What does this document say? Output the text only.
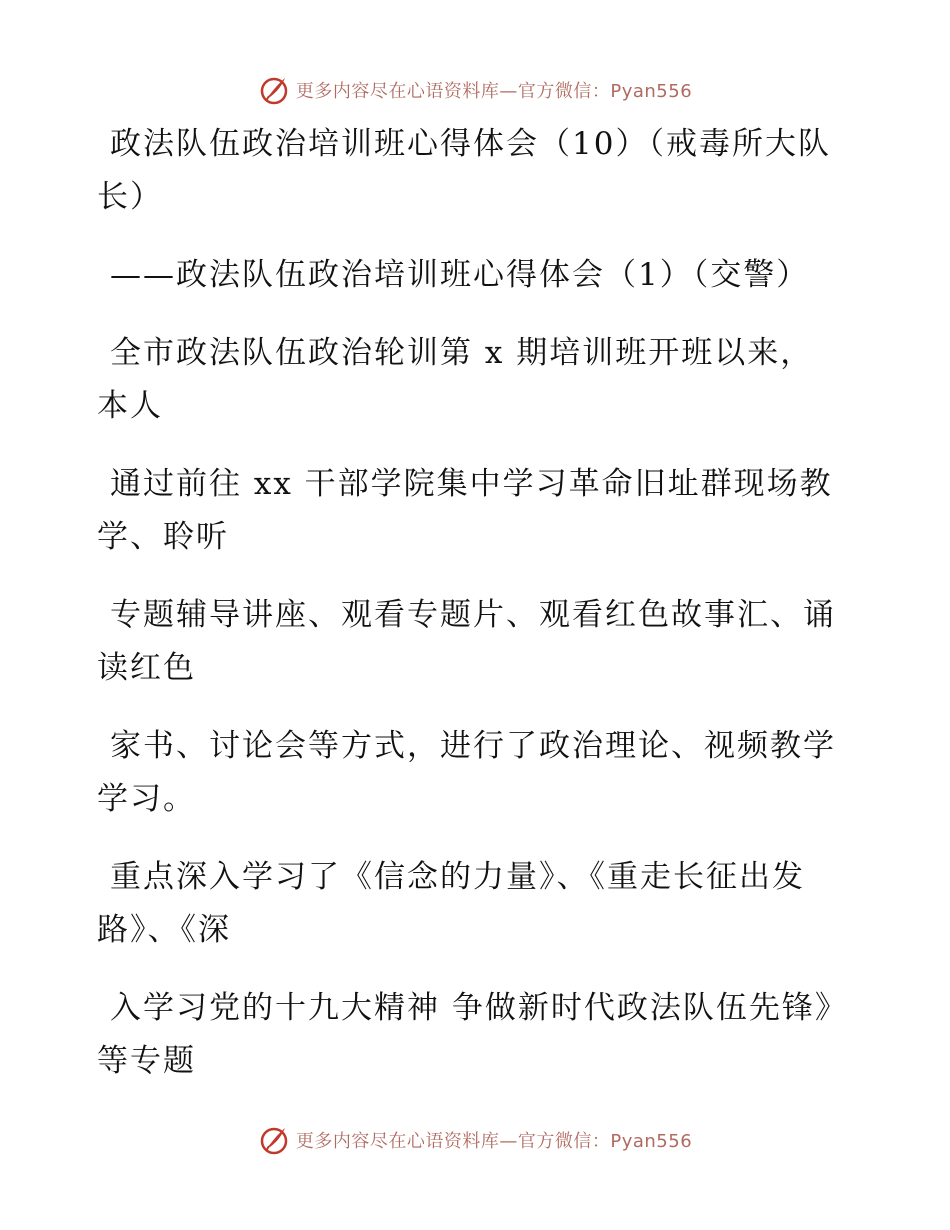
更多内容尽在心语资料库—官方微信：Pyan556

政法队伍政治培训班心得体会（10）（戒毒所大队长）

——政法队伍政治培训班心得体会（1）（交警）

全市政法队伍政治轮训第 x 期培训班开班以来，本人

通过前往 xx 干部学院集中学习革命旧址群现场教学、聆听

专题辅导讲座、观看专题片、观看红色故事汇、诵读红色

家书、讨论会等方式，进行了政治理论、视频教学学习。

重点深入学习了《信念的力量》、《重走长征出发路》、《深

入学习党的十九大精神 争做新时代政法队伍先锋》等专题

更多内容尽在心语资料库—官方微信：Pyan556
